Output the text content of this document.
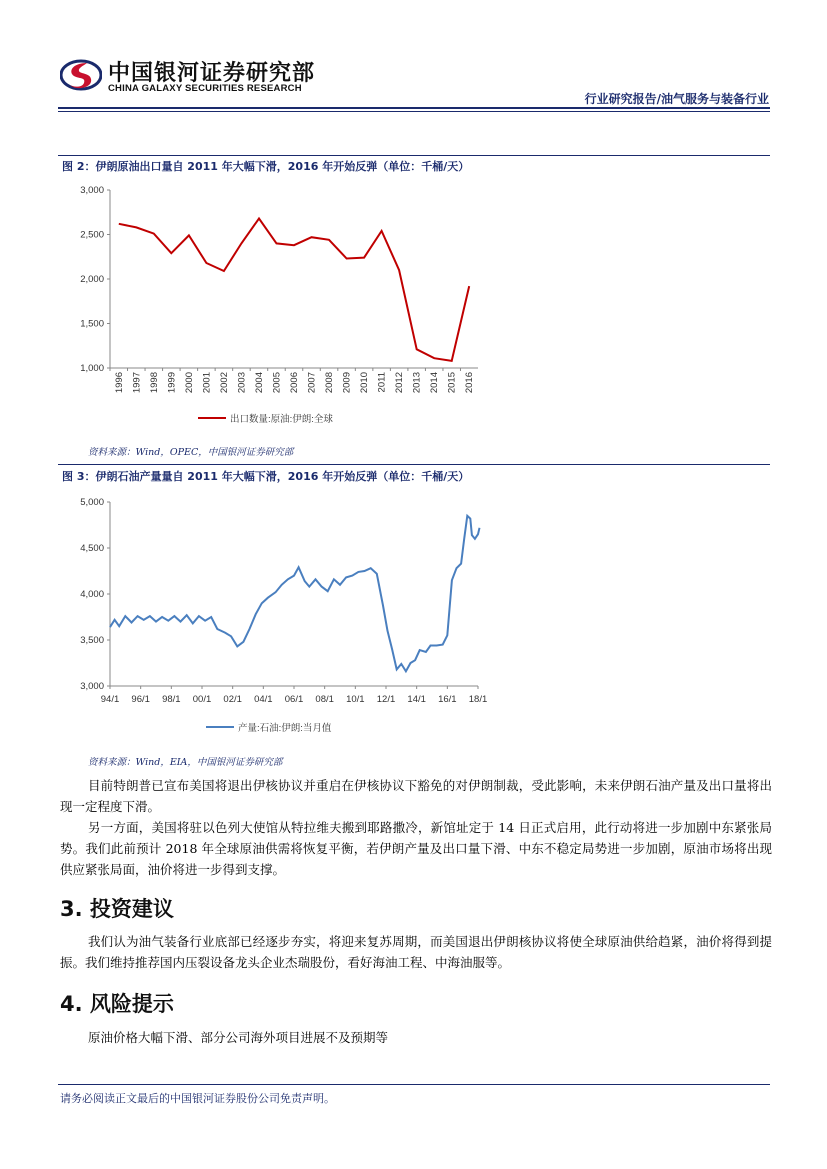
中国银河证券研究部
CHINA GALAXY SECURITIES RESEARCH
行业研究报告/油气服务与装备行业
图 2：伊朗原油出口量自 2011 年大幅下滑，2016 年开始反弹（单位：千桶/天）
1,000
1,500
2,000
2,500
3,000
1996 1997 1998 1999 2000 2001 2002 2003 2004 2005 2006 2007 2008 2009 2010 2011 2012 2013 2014 2015 2016
出口数量:原油:伊朗:全球
资料来源：Wind，OPEC，中国银河证券研究部
图 3：伊朗石油产量量自 2011 年大幅下滑，2016 年开始反弹（单位：千桶/天）
3,000
3,500
4,000
4,500
5,000
94/1 96/1 98/1 00/1 02/1 04/1 06/1 08/1 10/1 12/1 14/1 16/1 18/1
产量:石油:伊朗:当月值
资料来源：Wind，EIA，中国银河证券研究部
目前特朗普已宣布美国将退出伊核协议并重启在伊核协议下豁免的对伊朗制裁，受此影响，未来伊朗石油产量及出口量将出现一定程度下滑。
另一方面，美国将驻以色列大使馆从特拉维夫搬到耶路撒冷，新馆址定于 14 日正式启用，此行动将进一步加剧中东紧张局势。我们此前预计 2018 年全球原油供需将恢复平衡，若伊朗产量及出口量下滑、中东不稳定局势进一步加剧，原油市场将出现供应紧张局面，油价将进一步得到支撑。
3. 投资建议
我们认为油气装备行业底部已经逐步夯实，将迎来复苏周期，而美国退出伊朗核协议将使全球原油供给趋紧，油价将得到提振。我们维持推荐国内压裂设备龙头企业杰瑞股份，看好海油工程、中海油服等。
4. 风险提示
原油价格大幅下滑、部分公司海外项目进展不及预期等
请务必阅读正文最后的中国银河证券股份公司免责声明。
